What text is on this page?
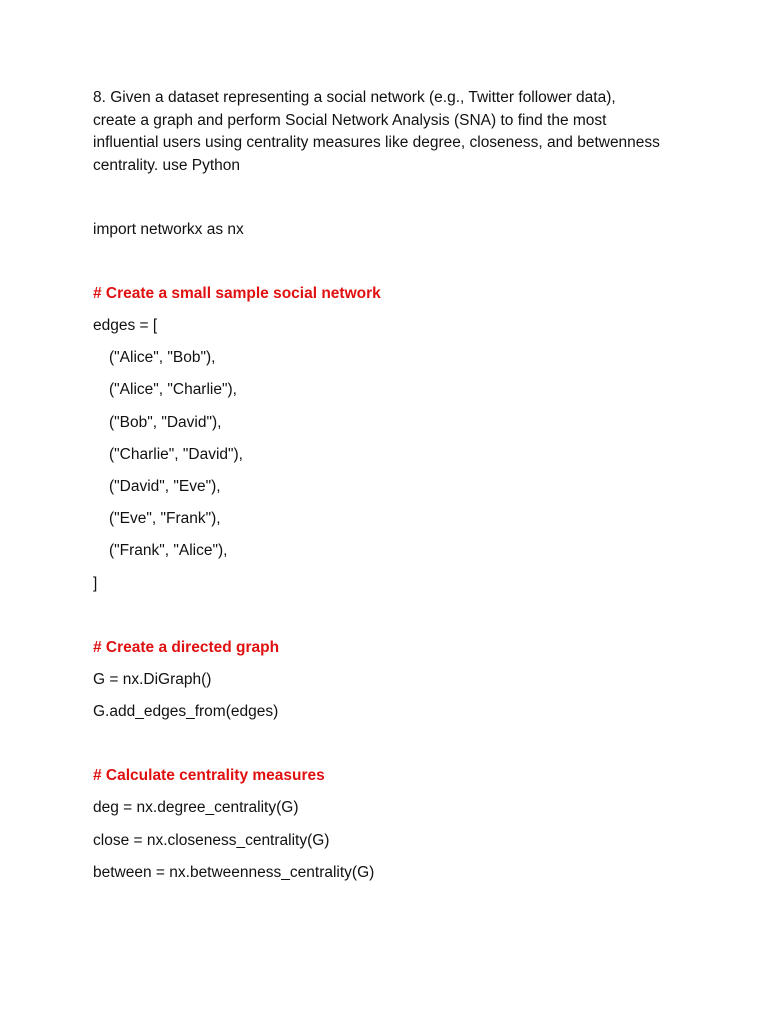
8. Given a dataset representing a social network (e.g., Twitter follower data), create a graph and perform Social Network Analysis (SNA) to find the most influential users using centrality measures like degree, closeness, and betwenness centrality. use Python

import networkx as nx
# Create a small sample social network
edges = [
("Alice", "Bob"),
("Alice", "Charlie"),
("Bob", "David"),
("Charlie", "David"),
("David", "Eve"),
("Eve", "Frank"),
("Frank", "Alice"),
]
# Create a directed graph
G = nx.DiGraph()
G.add_edges_from(edges)
# Calculate centrality measures
deg = nx.degree_centrality(G)
close = nx.closeness_centrality(G)
between = nx.betweenness_centrality(G)
